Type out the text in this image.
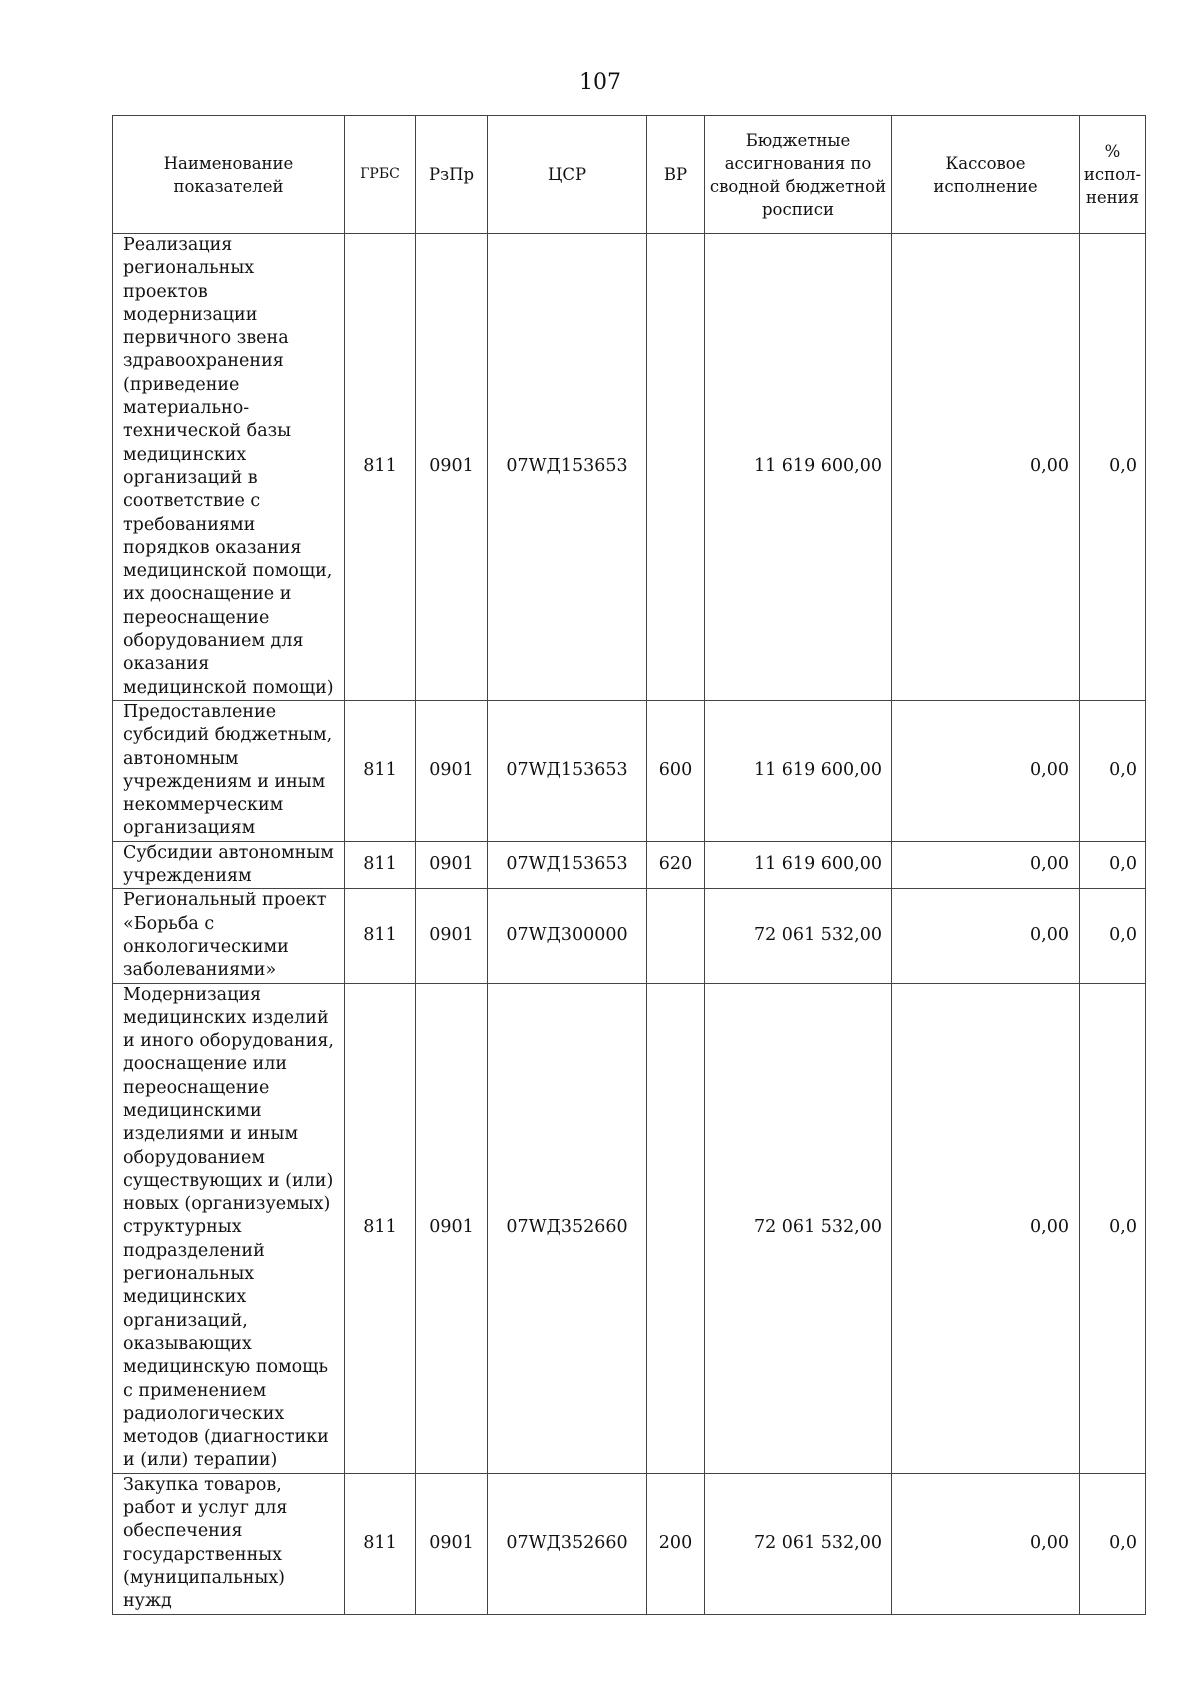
107
Наименование показателей	ГРБС	РзПр	ЦСР	ВР	Бюджетные ассигнования по сводной бюджетной росписи	Кассовое исполнение	% испол-нения
Реализация региональных проектов модернизации первичного звена здравоохранения (приведение материально-технической базы медицинских организаций в соответствие с требованиями порядков оказания медицинской помощи, их дооснащение и переоснащение оборудованием для оказания медицинской помощи)	811	0901	07WД153653		11 619 600,00	0,00	0,0
Предоставление субсидий бюджетным, автономным учреждениям и иным некоммерческим организациям	811	0901	07WД153653	600	11 619 600,00	0,00	0,0
Субсидии автономным учреждениям	811	0901	07WД153653	620	11 619 600,00	0,00	0,0
Региональный проект «Борьба с онкологическими заболеваниями»	811	0901	07WД300000		72 061 532,00	0,00	0,0
Модернизация медицинских изделий и иного оборудования, дооснащение или переоснащение медицинскими изделиями и иным оборудованием существующих и (или) новых (организуемых) структурных подразделений региональных медицинских организаций, оказывающих медицинскую помощь с применением радиологических методов (диагностики и (или) терапии)	811	0901	07WД352660		72 061 532,00	0,00	0,0
Закупка товаров, работ и услуг для обеспечения государственных (муниципальных) нужд	811	0901	07WД352660	200	72 061 532,00	0,00	0,0
